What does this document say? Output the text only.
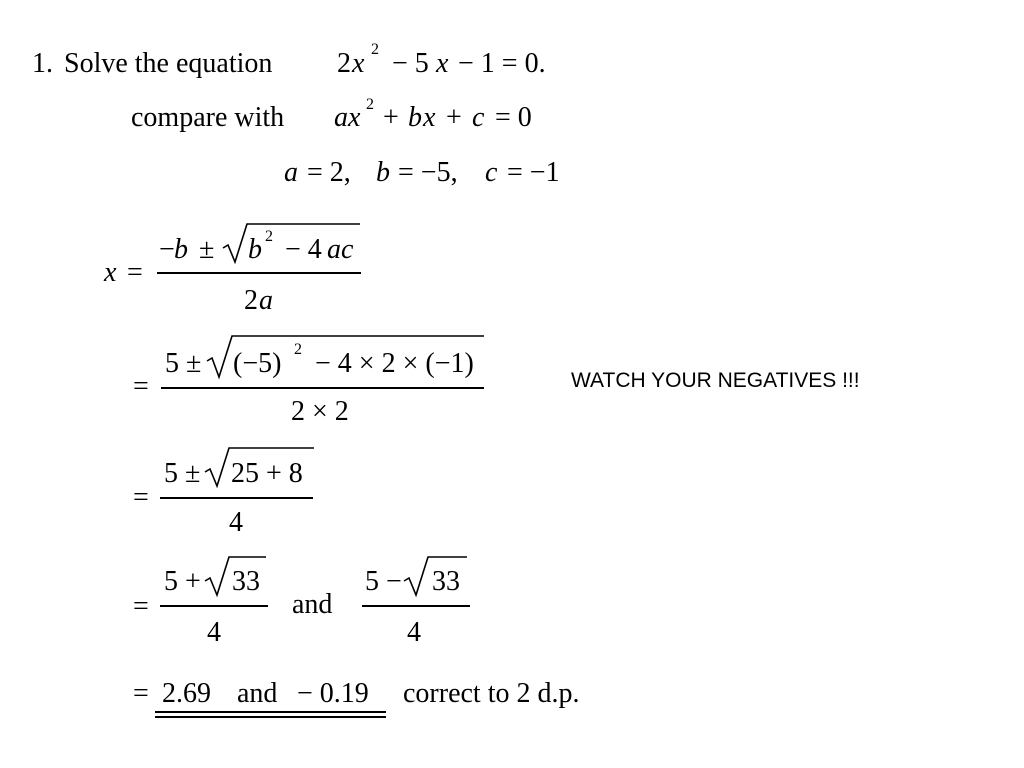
1. Solve the equation 2 x 2 − 5 x − 1 = 0.
compare with a x 2 + b x + c = 0
a = 2, b = −5, c = −1
x =
− b ± b 2 − 4 ac
2 a
=
5 ± (−5) 2 − 4 × 2 × (−1)
2 × 2
WATCH YOUR NEGATIVES !!!
=
5 ± 25 + 8
4
=
5 + 33
4
and
5 − 33
4
= 2.69 and − 0.19 correct to 2 d.p.
